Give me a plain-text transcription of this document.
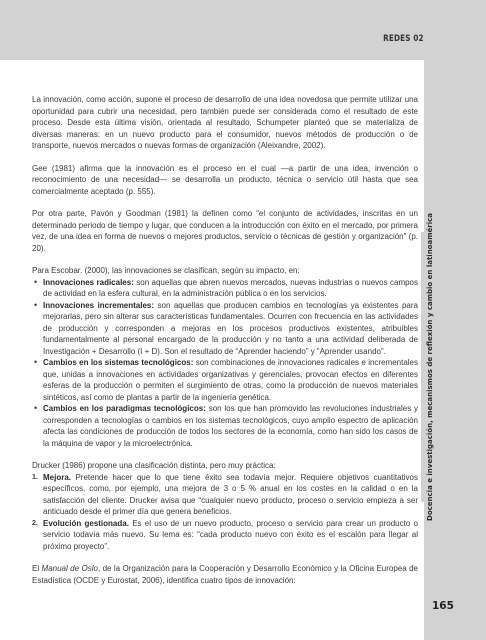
REDES 02
Docencia e investigación, mecanismos de reflexión y cambio en latinoamérica

La innovación, como acción, supone el proceso de desarrollo de una idea novedosa que permite utilizar una oportunidad para cubrir una necesidad, pero también puede ser considerada como el resultado de este proceso. Desde esta última visión, orientada al resultado, Schumpeter planteó que se materializa de diversas maneras: en un nuevo producto para el consumidor, nuevos métodos de producción o de transporte, nuevos mercados o nuevas formas de organización (Aleixandre, 2002).

Gee (1981) afirma que la innovación es el proceso en el cual —a partir de una idea, invención o reconocimiento de una necesidad— se desarrolla un producto, técnica o servicio útil hasta que sea comercialmente aceptado (p. 555).

Por otra parte, Pavón y Goodman (1981) la definen como “el conjunto de actividades, inscritas en un determinado periodo de tiempo y lugar, que conducen a la introducción con éxito en el mercado, por primera vez, de una idea en forma de nuevos o mejores productos, servicio o técnicas de gestión y organización” (p. 20).

Para Escobar. (2000), las innovaciones se clasifican, según su impacto, en:

• Innovaciones radicales: son aquellas que abren nuevos mercados, nuevas industrias o nuevos campos de actividad en la esfera cultural, en la administración pública o en los servicios.
• Innovaciones incrementales: son aquellas que producen cambios en tecnologías ya existentes para mejorarlas, pero sin alterar sus características fundamentales. Ocurren con frecuencia en las actividades de producción y corresponden a mejoras en los procesos productivos existentes, atribuibles fundamentalmente al personal encargado de la producción y no tanto a una actividad deliberada de Investigación + Desarrollo (I + D). Son el resultado de “Aprender haciendo” y “Aprender usando”.
• Cambios en los sistemas tecnológicos: son combinaciones de innovaciones radicales e incrementales que, unidas a innovaciones en actividades organizativas y gerenciales, provocan efectos en diferentes esferas de la producción o permiten el surgimiento de otras, como la producción de nuevos materiales sintéticos, así como de plantas a partir de la ingeniería genética.
• Cambios en los paradigmas tecnológicos: son los que han promovido las revoluciones industriales y corresponden a tecnologías o cambios en los sistemas tecnológicos, cuyo amplio espectro de aplicación afecta las condiciones de producción de todos los sectores de la economía, como han sido los casos de la máquina de vapor y la microelectrónica.

Drucker (1986) propone una clasificación distinta, pero muy práctica:

1. Mejora. Pretende hacer que lo que tiene éxito sea todavía mejor. Requiere objetivos cuantitativos específicos, como, por ejemplo, una mejora de 3 o 5 % anual en los costes en la calidad o en la satisfacción del cliente. Drucker avisa que “cualquier nuevo producto, proceso o servicio empieza a ser anticuado desde el primer día que genera beneficios.
2. Evolución gestionada. Es el uso de un nuevo producto, proceso o servicio para crear un producto o servicio todavía más nuevo. Su lema es: “cada producto nuevo con éxito es el escalón para llegar al próximo proyecto”.

El Manual de Oslo, de la Organización para la Cooperación y Desarrollo Económico y la Oficina Europea de Estadística (OCDE y Eurostat, 2006), identifica cuatro tipos de innovación:

165
